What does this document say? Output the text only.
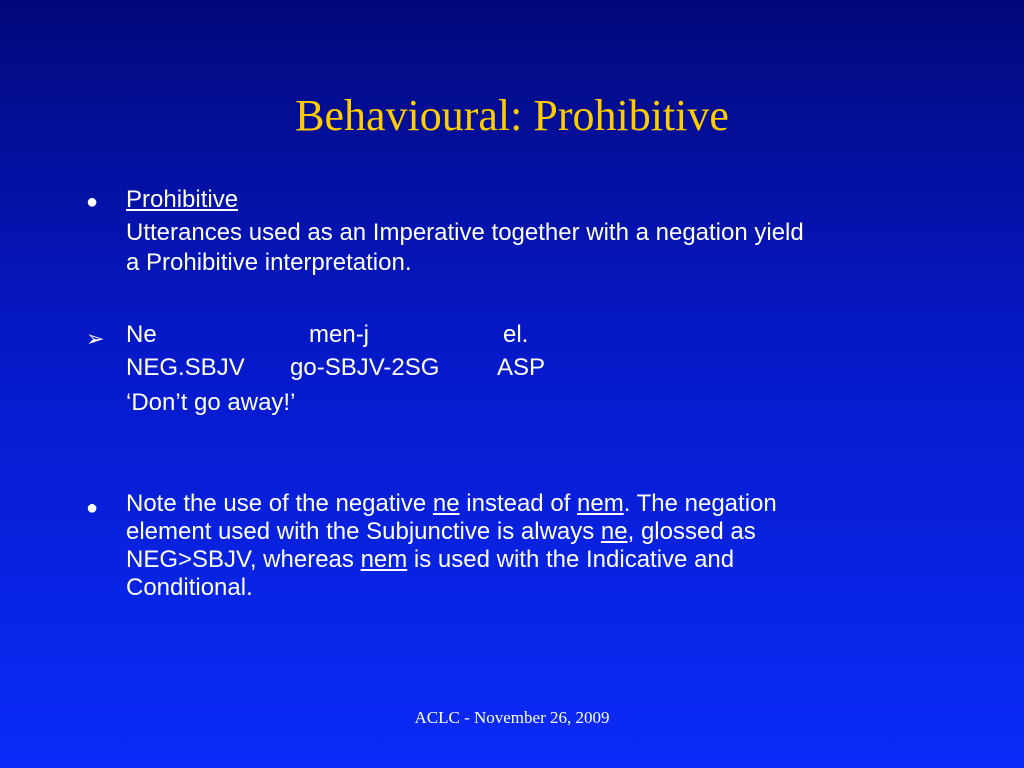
Behavioural: Prohibitive
● Prohibitive
Utterances used as an Imperative together with a negation yield
a Prohibitive interpretation.
➢ Ne	men-j	el.
NEG.SBJV go-SBJV-2SG ASP
‘Don’t go away!’
● Note the use of the negative ne instead of nem. The negation
element used with the Subjunctive is always ne, glossed as
NEG>SBJV, whereas nem is used with the Indicative and
Conditional.
ACLC - November 26, 2009
